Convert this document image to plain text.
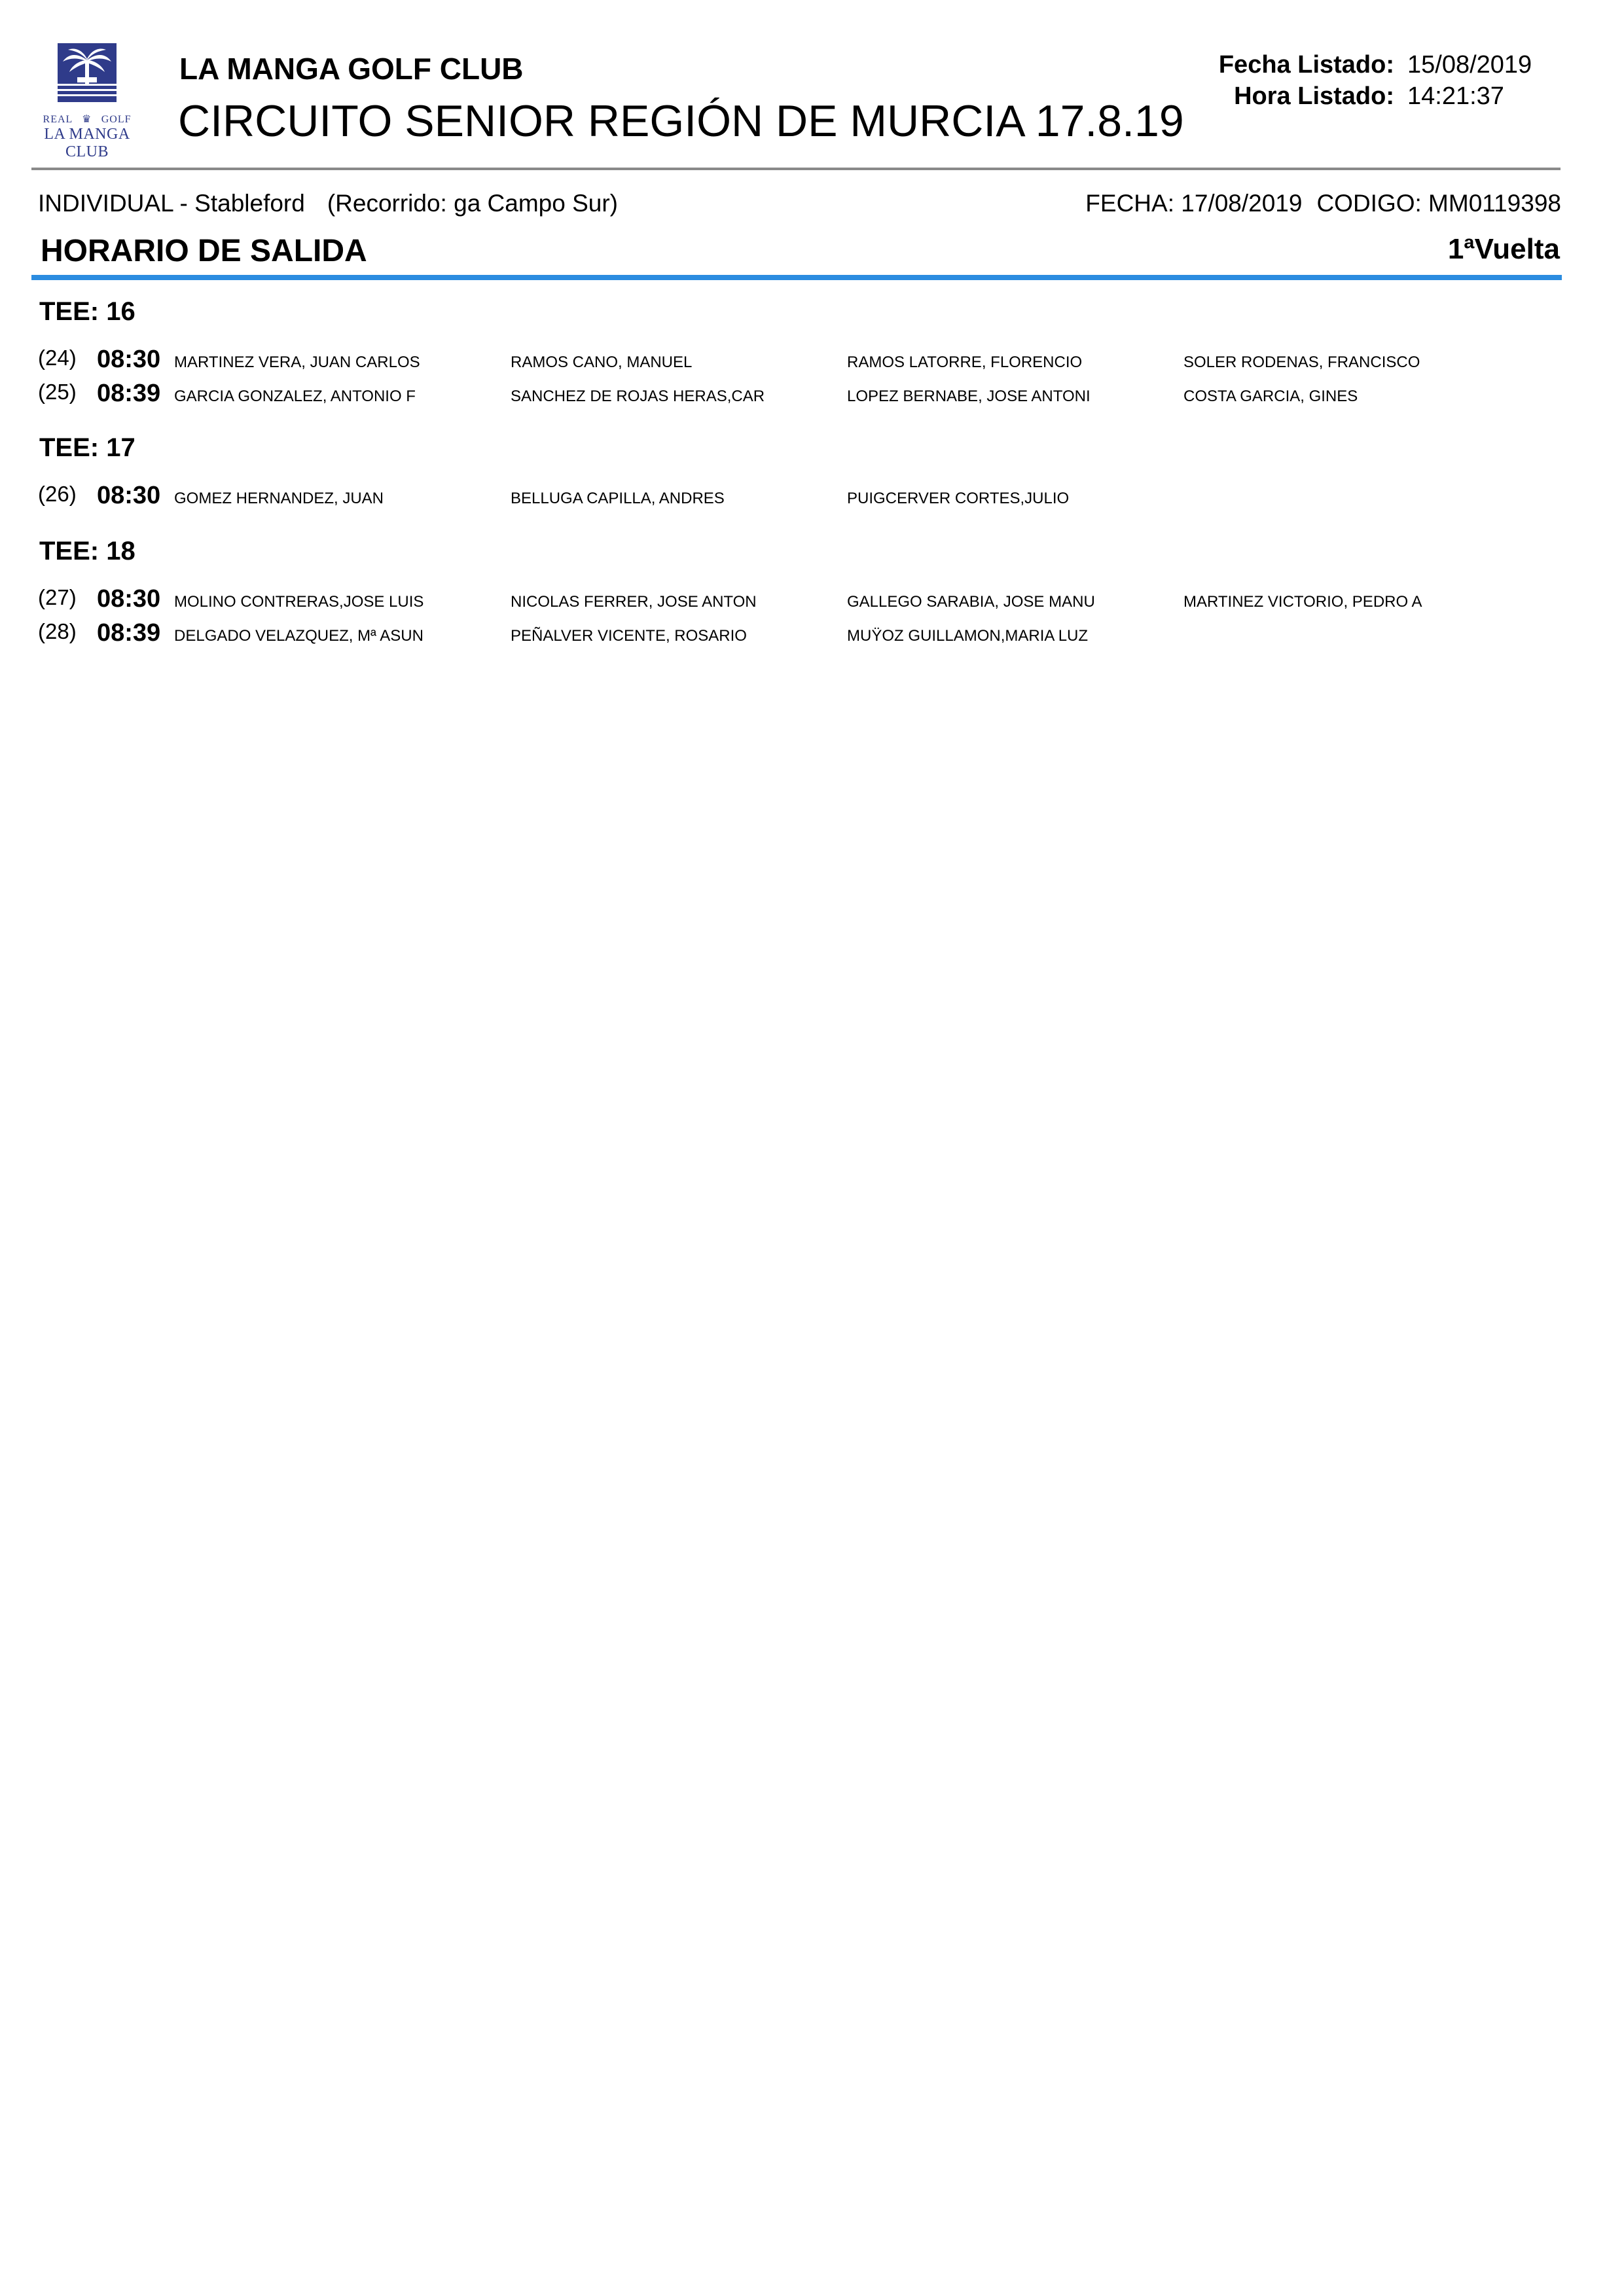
REAL ♛ GOLF
LA MANGA CLUB
LA MANGA GOLF CLUB
CIRCUITO SENIOR REGIÓN DE MURCIA 17.8.19
Fecha Listado: 15/08/2019
Hora Listado: 14:21:37
INDIVIDUAL - Stableford (Recorrido: ga Campo Sur)	FECHA: 17/08/2019 CODIGO: MM0119398
HORARIO DE SALIDA	1ªVuelta
TEE: 16
(24) 08:30 MARTINEZ VERA, JUAN CARLOS	RAMOS CANO, MANUEL	RAMOS LATORRE, FLORENCIO	SOLER RODENAS, FRANCISCO
(25) 08:39 GARCIA GONZALEZ, ANTONIO F	SANCHEZ DE ROJAS HERAS,CAR	LOPEZ BERNABE, JOSE ANTONI	COSTA GARCIA, GINES
TEE: 17
(26) 08:30 GOMEZ HERNANDEZ, JUAN	BELLUGA CAPILLA, ANDRES	PUIGCERVER CORTES,JULIO
TEE: 18
(27) 08:30 MOLINO CONTRERAS,JOSE LUIS	NICOLAS FERRER, JOSE ANTON	GALLEGO SARABIA, JOSE MANU	MARTINEZ VICTORIO, PEDRO A
(28) 08:39 DELGADO VELAZQUEZ, Mª ASUN	PEÑALVER VICENTE, ROSARIO	MUŸOZ GUILLAMON,MARIA LUZ
